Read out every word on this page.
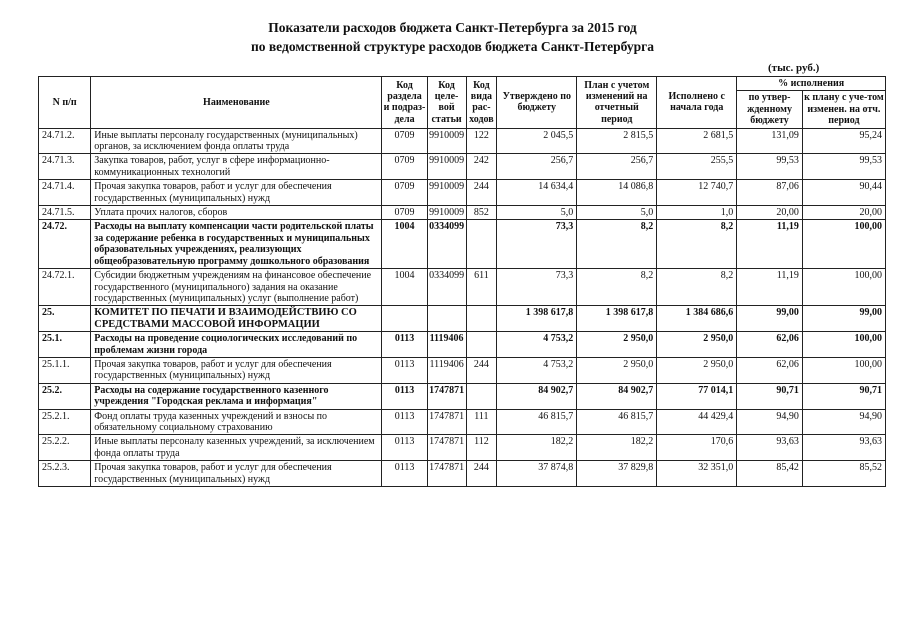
Показатели расходов бюджета Санкт-Петербурга за 2015 год
по ведомственной структуре расходов бюджета Санкт-Петербурга
(тыс. руб.)
N п/п	Наименование	Код раздела и подраз-дела	Код целе-вой статьи	Код вида рас-ходов	Утверждено по бюджету	План с учетом изменений на отчетный период	Исполнено с начала года	% исполнения	
								по утвер-жденному бюджету	к плану с уче-том изменен. на отч. период
24.71.2.	Иные выплаты персоналу государственных (муниципальных) органов, за исключением фонда оплаты труда	0709	9910009	122	2 045,5	2 815,5	2 681,5	131,09	95,24
24.71.3.	Закупка товаров, работ, услуг в сфере информационно-коммуникационных технологий	0709	9910009	242	256,7	256,7	255,5	99,53	99,53
24.71.4.	Прочая закупка товаров, работ и услуг для обеспечения государственных (муниципальных) нужд	0709	9910009	244	14 634,4	14 086,8	12 740,7	87,06	90,44
24.71.5.	Уплата прочих налогов, сборов	0709	9910009	852	5,0	5,0	1,0	20,00	20,00
24.72.	Расходы на выплату компенсации части родительской платы за содержание ребенка в государственных и муниципальных образовательных учреждениях, реализующих общеобразовательную программу дошкольного образования	1004	0334099		73,3	8,2	8,2	11,19	100,00
24.72.1.	Субсидии бюджетным учреждениям на финансовое обеспечение государственного (муниципального) задания на оказание государственных (муниципальных) услуг (выполнение работ)	1004	0334099	611	73,3	8,2	8,2	11,19	100,00
25.	КОМИТЕТ ПО ПЕЧАТИ И ВЗАИМОДЕЙСТВИЮ СО СРЕДСТВАМИ МАССОВОЙ ИНФОРМАЦИИ				1 398 617,8	1 398 617,8	1 384 686,6	99,00	99,00
25.1.	Расходы на проведение социологических исследований по проблемам жизни города	0113	1119406		4 753,2	2 950,0	2 950,0	62,06	100,00
25.1.1.	Прочая закупка товаров, работ и услуг для обеспечения государственных (муниципальных) нужд	0113	1119406	244	4 753,2	2 950,0	2 950,0	62,06	100,00
25.2.	Расходы на содержание государственного казенного учреждения "Городская реклама и информация"	0113	1747871		84 902,7	84 902,7	77 014,1	90,71	90,71
25.2.1.	Фонд оплаты труда казенных учреждений и взносы по обязательному социальному страхованию	0113	1747871	111	46 815,7	46 815,7	44 429,4	94,90	94,90
25.2.2.	Иные выплаты персоналу казенных учреждений, за исключением фонда оплаты труда	0113	1747871	112	182,2	182,2	170,6	93,63	93,63
25.2.3.	Прочая закупка товаров, работ и услуг для обеспечения государственных (муниципальных) нужд	0113	1747871	244	37 874,8	37 829,8	32 351,0	85,42	85,52
